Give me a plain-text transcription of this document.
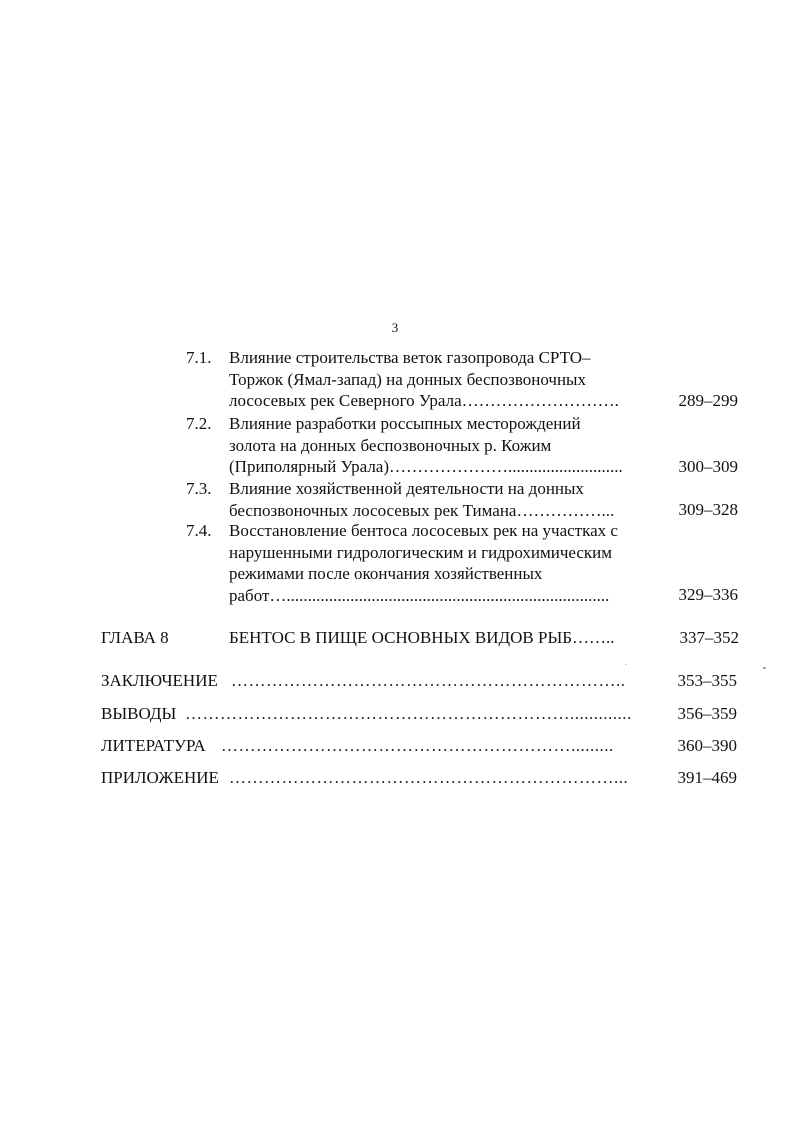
3
7.1.	Влияние строительства веток газопровода СРТО–
Торжок (Ямал-запад) на донных беспозвоночных
лососевых рек Северного Урала……………………….	289–299
7.2.	Влияние разработки россыпных месторождений
золота на донных беспозвоночных р. Кожим
(Приполярный Урала)…………………...........................	300–309
7.3.	Влияние хозяйственной деятельности на донных
беспозвоночных лососевых рек Тимана……………...	309–328
7.4.	Восстановление бентоса лососевых рек на участках с
нарушенными гидрологическим и гидрохимическим
режимами после окончания хозяйственных
работ…............................................................................	329–336
ГЛАВА 8	БЕНТОС В ПИЩЕ ОСНОВНЫХ ВИДОВ РЫБ……..	337–352
ЗАКЛЮЧЕНИЕ …………………………………………………………..	353–355
ВЫВОДЫ ………………………………………………………….............	356–359
ЛИТЕРАТУРА …………………………………………………….........	360–390
ПРИЛОЖЕНИЕ …………………………………………………………...	391–469
